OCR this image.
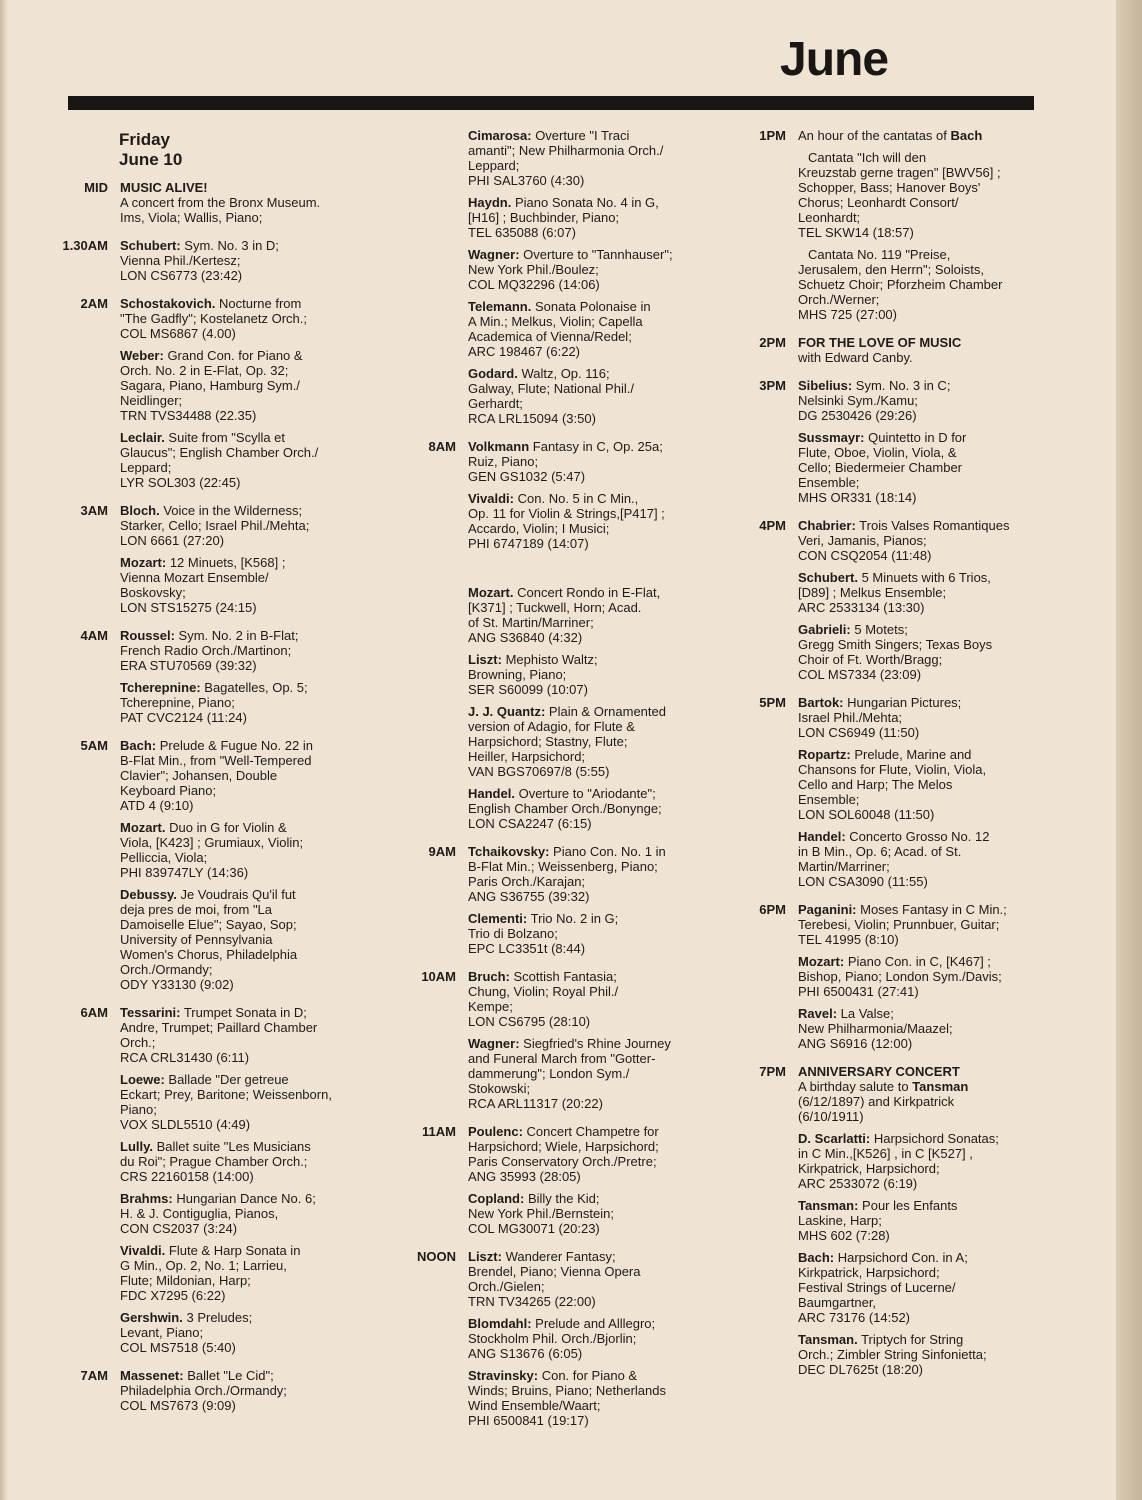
June
Friday
June 10
MID MUSIC ALIVE!
A concert from the Bronx Museum.
Ims, Viola; Wallis, Piano;
1.30AM Schubert: Sym. No. 3 in D;
Vienna Phil./Kertesz;
LON CS6773 (23:42)
2AM Schostakovich. Nocturne from
"The Gadfly"; Kostelanetz Orch.;
COL MS6867 (4.00)
Weber: Grand Con. for Piano &
Orch. No. 2 in E-Flat, Op. 32;
Sagara, Piano, Hamburg Sym./
Neidlinger;
TRN TVS34488 (22.35)
Leclair. Suite from "Scylla et
Glaucus"; English Chamber Orch./
Leppard;
LYR SOL303 (22:45)
3AM Bloch. Voice in the Wilderness;
Starker, Cello; Israel Phil./Mehta;
LON 6661 (27:20)
Mozart: 12 Minuets, [K568] ;
Vienna Mozart Ensemble/
Boskovsky;
LON STS15275 (24:15)
4AM Roussel: Sym. No. 2 in B-Flat;
French Radio Orch./Martinon;
ERA STU70569 (39:32)
Tcherepnine: Bagatelles, Op. 5;
Tcherepnine, Piano;
PAT CVC2124 (11:24)
5AM Bach: Prelude & Fugue No. 22 in
B-Flat Min., from "Well-Tempered
Clavier"; Johansen, Double
Keyboard Piano;
ATD 4 (9:10)
Mozart. Duo in G for Violin &
Viola, [K423] ; Grumiaux, Violin;
Pelliccia, Viola;
PHI 839747LY (14:36)
Debussy. Je Voudrais Qu'il fut
deja pres de moi, from "La
Damoiselle Elue"; Sayao, Sop;
University of Pennsylvania
Women's Chorus, Philadelphia
Orch./Ormandy;
ODY Y33130 (9:02)
6AM Tessarini: Trumpet Sonata in D;
Andre, Trumpet; Paillard Chamber
Orch.;
RCA CRL31430 (6:11)
Loewe: Ballade "Der getreue
Eckart; Prey, Baritone; Weissenborn,
Piano;
VOX SLDL5510 (4:49)
Lully. Ballet suite "Les Musicians
du Roi"; Prague Chamber Orch.;
CRS 22160158 (14:00)
Brahms: Hungarian Dance No. 6;
H. & J. Contiguglia, Pianos,
CON CS2037 (3:24)
Vivaldi. Flute & Harp Sonata in
G Min., Op. 2, No. 1; Larrieu,
Flute; Mildonian, Harp;
FDC X7295 (6:22)
Gershwin. 3 Preludes;
Levant, Piano;
COL MS7518 (5:40)
7AM Massenet: Ballet "Le Cid";
Philadelphia Orch./Ormandy;
COL MS7673 (9:09)
Cimarosa: Overture "I Traci
amanti"; New Philharmonia Orch./
Leppard;
PHI SAL3760 (4:30)
Haydn. Piano Sonata No. 4 in G,
[H16] ; Buchbinder, Piano;
TEL 635088 (6:07)
Wagner: Overture to "Tannhauser";
New York Phil./Boulez;
COL MQ32296 (14:06)
Telemann. Sonata Polonaise in
A Min.; Melkus, Violin; Capella
Academica of Vienna/Redel;
ARC 198467 (6:22)
Godard. Waltz, Op. 116;
Galway, Flute; National Phil./
Gerhardt;
RCA LRL15094 (3:50)
8AM Volkmann Fantasy in C, Op. 25a;
Ruiz, Piano;
GEN GS1032 (5:47)
Vivaldi: Con. No. 5 in C Min.,
Op. 11 for Violin & Strings,[P417] ;
Accardo, Violin; I Musici;
PHI 6747189 (14:07)
Mozart. Concert Rondo in E-Flat,
[K371] ; Tuckwell, Horn; Acad.
of St. Martin/Marriner;
ANG S36840 (4:32)
Liszt: Mephisto Waltz;
Browning, Piano;
SER S60099 (10:07)
J. J. Quantz: Plain & Ornamented
version of Adagio, for Flute &
Harpsichord; Stastny, Flute;
Heiller, Harpsichord;
VAN BGS70697/8 (5:55)
Handel. Overture to "Ariodante";
English Chamber Orch./Bonynge;
LON CSA2247 (6:15)
9AM Tchaikovsky: Piano Con. No. 1 in
B-Flat Min.; Weissenberg, Piano;
Paris Orch./Karajan;
ANG S36755 (39:32)
Clementi: Trio No. 2 in G;
Trio di Bolzano;
EPC LC3351t (8:44)
10AM Bruch: Scottish Fantasia;
Chung, Violin; Royal Phil./
Kempe;
LON CS6795 (28:10)
Wagner: Siegfried's Rhine Journey
and Funeral March from "Gotter-
dammerung"; London Sym./
Stokowski;
RCA ARL11317 (20:22)
11AM Poulenc: Concert Champetre for
Harpsichord; Wiele, Harpsichord;
Paris Conservatory Orch./Pretre;
ANG 35993 (28:05)
Copland: Billy the Kid;
New York Phil./Bernstein;
COL MG30071 (20:23)
NOON Liszt: Wanderer Fantasy;
Brendel, Piano; Vienna Opera
Orch./Gielen;
TRN TV34265 (22:00)
Blomdahl: Prelude and Alllegro;
Stockholm Phil. Orch./Bjorlin;
ANG S13676 (6:05)
Stravinsky: Con. for Piano &
Winds; Bruins, Piano; Netherlands
Wind Ensemble/Waart;
PHI 6500841 (19:17)
1PM An hour of the cantatas of Bach
Cantata "Ich will den
Kreuzstab gerne tragen" [BWV56] ;
Schopper, Bass; Hanover Boys'
Chorus; Leonhardt Consort/
Leonhardt;
TEL SKW14 (18:57)
Cantata No. 119 "Preise,
Jerusalem, den Herrn"; Soloists,
Schuetz Choir; Pforzheim Chamber
Orch./Werner;
MHS 725 (27:00)
2PM FOR THE LOVE OF MUSIC
with Edward Canby.
3PM Sibelius: Sym. No. 3 in C;
Nelsinki Sym./Kamu;
DG 2530426 (29:26)
Sussmayr: Quintetto in D for
Flute, Oboe, Violin, Viola, &
Cello; Biedermeier Chamber
Ensemble;
MHS OR331 (18:14)
4PM Chabrier: Trois Valses Romantiques
Veri, Jamanis, Pianos;
CON CSQ2054 (11:48)
Schubert. 5 Minuets with 6 Trios,
[D89] ; Melkus Ensemble;
ARC 2533134 (13:30)
Gabrieli: 5 Motets;
Gregg Smith Singers; Texas Boys
Choir of Ft. Worth/Bragg;
COL MS7334 (23:09)
5PM Bartok: Hungarian Pictures;
Israel Phil./Mehta;
LON CS6949 (11:50)
Ropartz: Prelude, Marine and
Chansons for Flute, Violin, Viola,
Cello and Harp; The Melos
Ensemble;
LON SOL60048 (11:50)
Handel: Concerto Grosso No. 12
in B Min., Op. 6; Acad. of St.
Martin/Marriner;
LON CSA3090 (11:55)
6PM Paganini: Moses Fantasy in C Min.;
Terebesi, Violin; Prunnbuer, Guitar;
TEL 41995 (8:10)
Mozart: Piano Con. in C, [K467] ;
Bishop, Piano; London Sym./Davis;
PHI 6500431 (27:41)
Ravel: La Valse;
New Philharmonia/Maazel;
ANG S6916 (12:00)
7PM ANNIVERSARY CONCERT
A birthday salute to Tansman
(6/12/1897) and Kirkpatrick
(6/10/1911)
D. Scarlatti: Harpsichord Sonatas;
in C Min.,[K526] , in C [K527] ,
Kirkpatrick, Harpsichord;
ARC 2533072 (6:19)
Tansman: Pour les Enfants
Laskine, Harp;
MHS 602 (7:28)
Bach: Harpsichord Con. in A;
Kirkpatrick, Harpsichord;
Festival Strings of Lucerne/
Baumgartner,
ARC 73176 (14:52)
Tansman. Triptych for String
Orch.; Zimbler String Sinfonietta;
DEC DL7625t (18:20)
